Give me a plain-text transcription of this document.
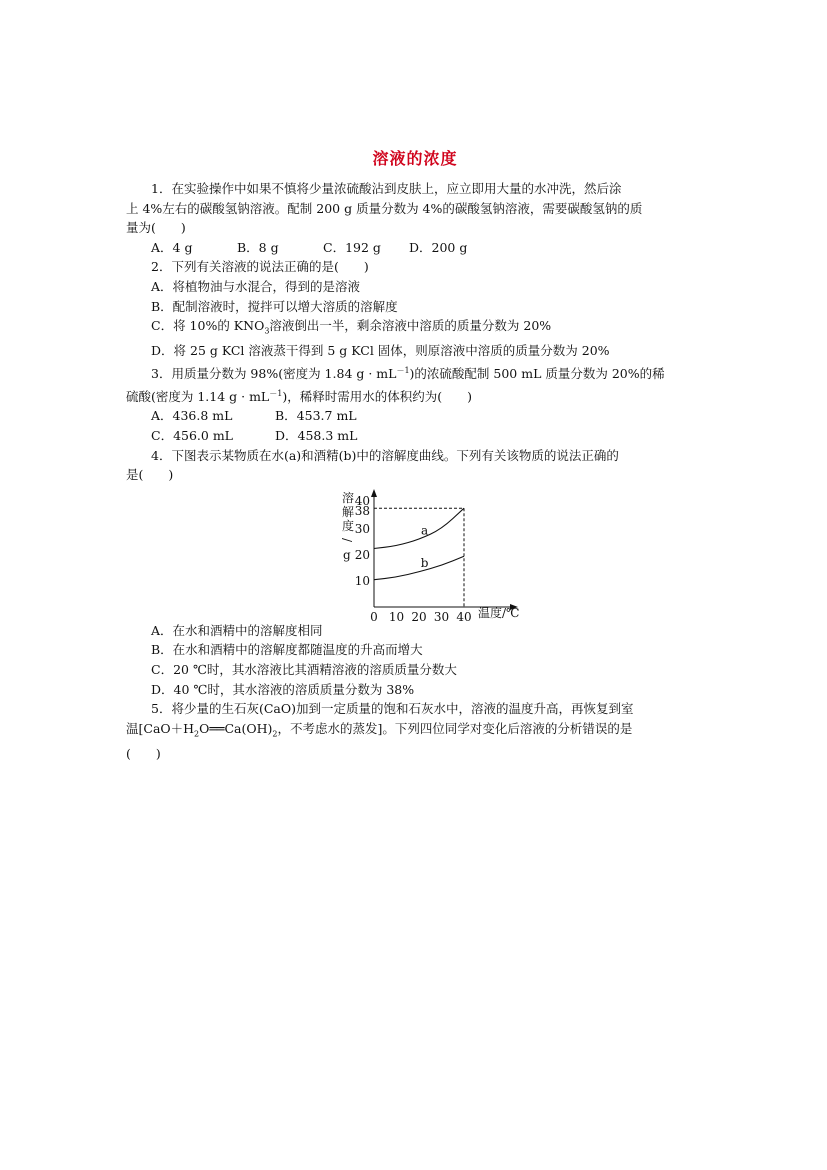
溶液的浓度
1．在实验操作中如果不慎将少量浓硫酸沾到皮肤上，应立即用大量的水冲洗，然后涂
上 4%左右的碳酸氢钠溶液。配制 200 g 质量分数为 4%的碳酸氢钠溶液，需要碳酸氢钠的质
量为(　　)
A．4 g	B．8 g	C．192 g D．200 g
2．下列有关溶液的说法正确的是(　　)
A．将植物油与水混合，得到的是溶液
B．配制溶液时，搅拌可以增大溶质的溶解度
C．将 10%的 $KNO_3$溶液倒出一半，剩余溶液中溶质的质量分数为 20%
D．将 25 g KCl 溶液蒸干得到 5 g KCl 固体，则原溶液中溶质的质量分数为 20%
3．用质量分数为 98%(密度为 1.84 $g \cdot mL^{-1}$)的浓硫酸配制 500 mL 质量分数为 20%的稀
硫酸(密度为 1.14 $g \cdot mL^{-1}$)，稀释时需用水的体积约为(　　)
A．436.8 mL	B．453.7 mL
C．456.0 mL	D．458.3 mL
4．下图表示某物质在水(a)和酒精(b)中的溶解度曲线。下列有关该物质的说法正确的
是(　　)
溶
解
度
/
g
0 10 20 30 40
10
20
30
38
40
a
b
温度/℃
A．在水和酒精中的溶解度相同
B．在水和酒精中的溶解度都随温度的升高而增大
C．20 ℃时，其水溶液比其酒精溶液的溶质质量分数大
D．40 ℃时，其水溶液的溶质质量分数为 38%
5．将少量的生石灰(CaO)加到一定质量的饱和石灰水中，溶液的温度升高，再恢复到室
温[$CaO+H_2O══Ca(OH)_2$，不考虑水的蒸发]。下列四位同学对变化后溶液的分析错误的是
(　　)
